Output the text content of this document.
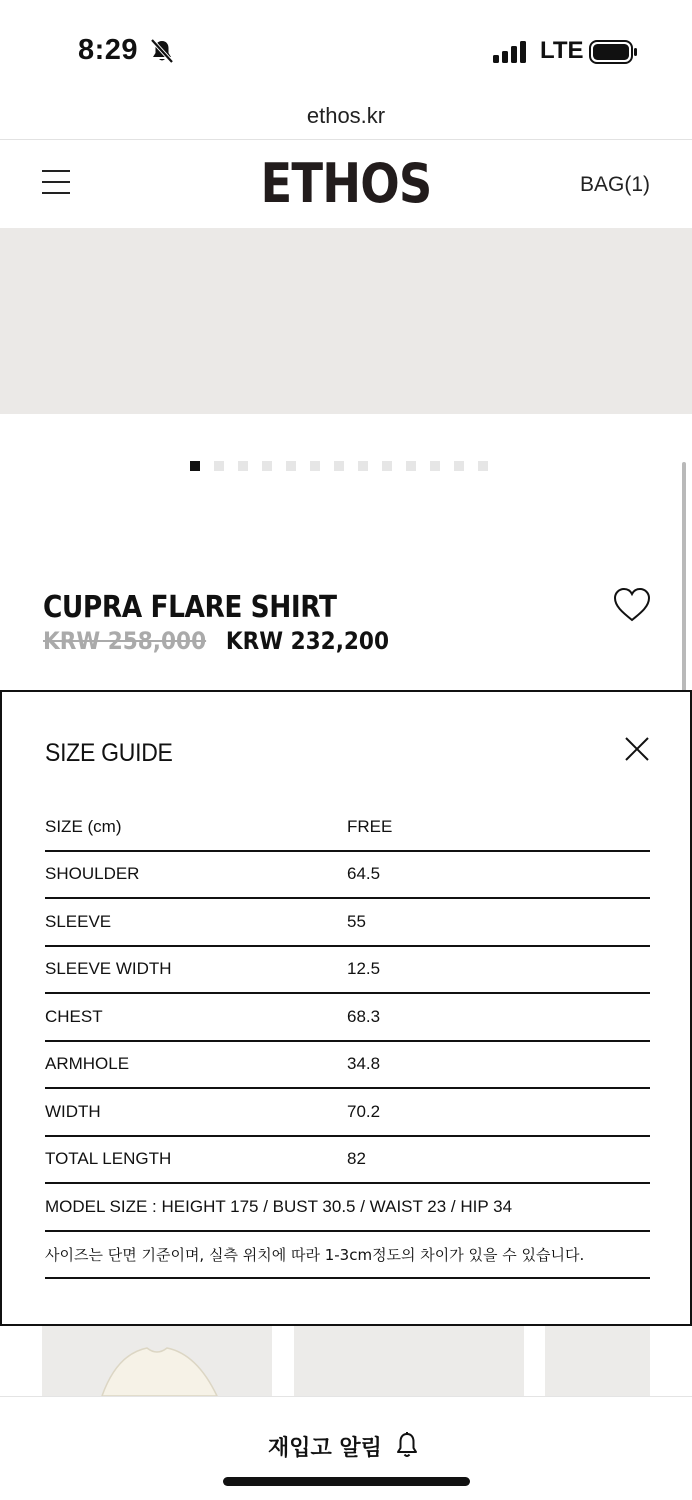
8:29	LTE
ethos.kr
ETHOS	BAG(1)
CUPRA FLARE SHIRT
KRW 258,000 KRW 232,200
SIZE GUIDE
SIZE (cm)	FREE
SHOULDER	64.5
SLEEVE	55
SLEEVE WIDTH	12.5
CHEST	68.3
ARMHOLE	34.8
WIDTH	70.2
TOTAL LENGTH	82
MODEL SIZE : HEIGHT 175 / BUST 30.5 / WAIST 23 / HIP 34
사이즈는 단면 기준이며, 실측 위치에 따라 1-3cm정도의 차이가 있을 수 있습니다.
재입고 알림
